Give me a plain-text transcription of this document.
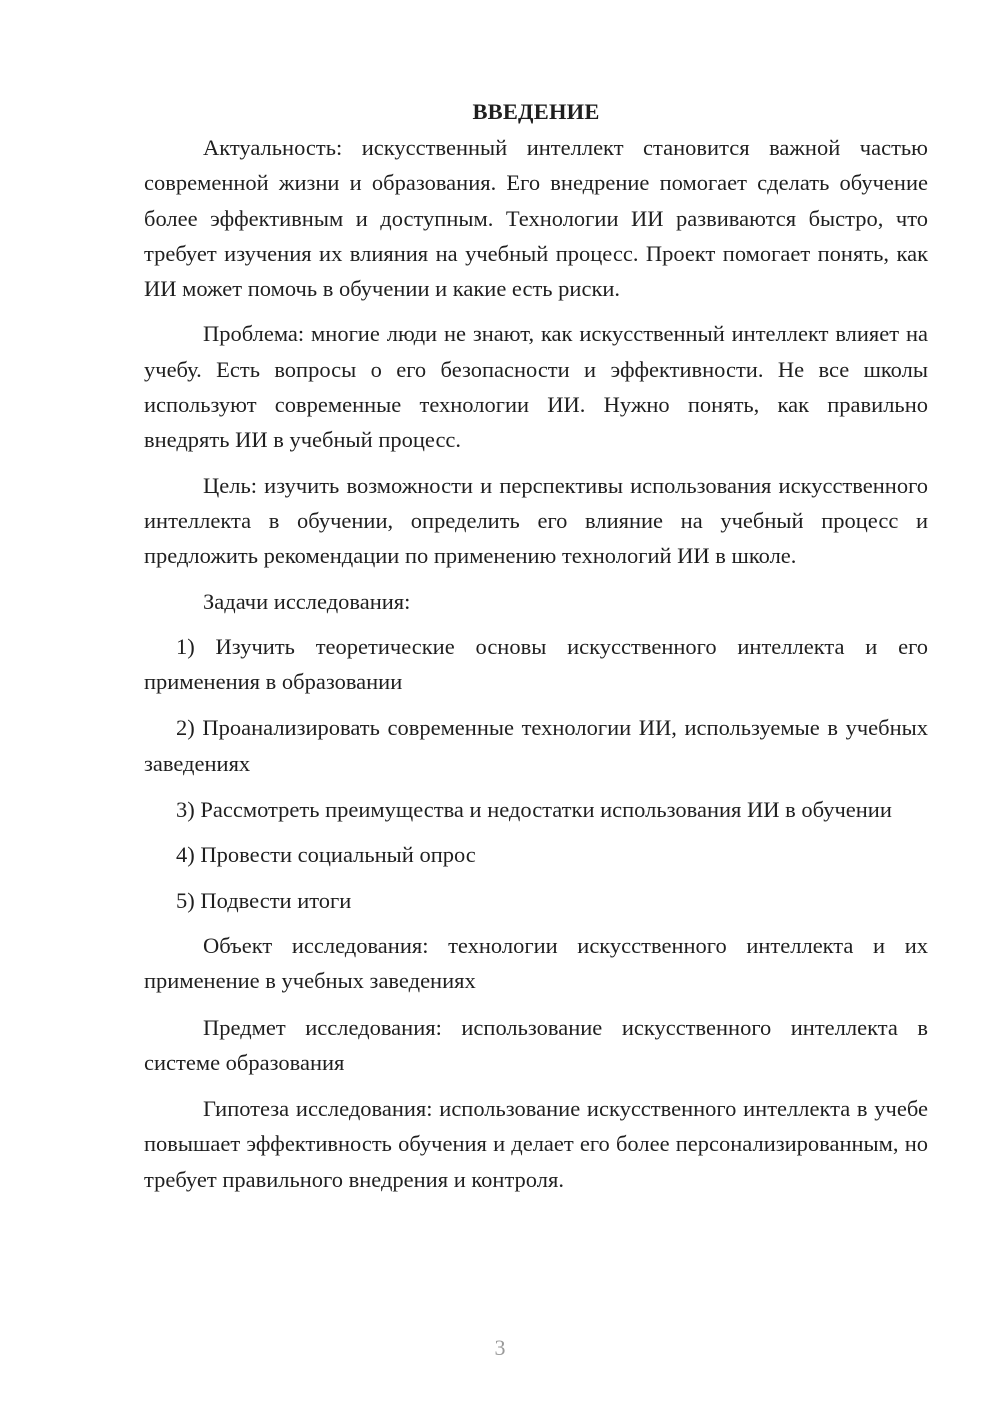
ВВЕДЕНИЕ

Актуальность: искусственный интеллект становится важной частью современной жизни и образования. Его внедрение помогает сделать обучение более эффективным и доступным. Технологии ИИ развиваются быстро, что требует изучения их влияния на учебный процесс. Проект помогает понять, как ИИ может помочь в обучении и какие есть риски.

Проблема: многие люди не знают, как искусственный интеллект влияет на учебу. Есть вопросы о его безопасности и эффективности. Не все школы используют современные технологии ИИ. Нужно понять, как правильно внедрять ИИ в учебный процесс.

Цель: изучить возможности и перспективы использования искусственного интеллекта в обучении, определить его влияние на учебный процесс и предложить рекомендации по применению технологий ИИ в школе.

Задачи исследования:

1) Изучить теоретические основы искусственного интеллекта и его применения в образовании

2) Проанализировать современные технологии ИИ, используемые в учебных заведениях

3) Рассмотреть преимущества и недостатки использования ИИ в обучении

4) Провести социальный опрос

5) Подвести итоги

Объект исследования: технологии искусственного интеллекта и их применение в учебных заведениях

Предмет исследования: использование искусственного интеллекта в системе образования

Гипотеза исследования: использование искусственного интеллекта в учебе повышает эффективность обучения и делает его более персонализированным, но требует правильного внедрения и контроля.

3
